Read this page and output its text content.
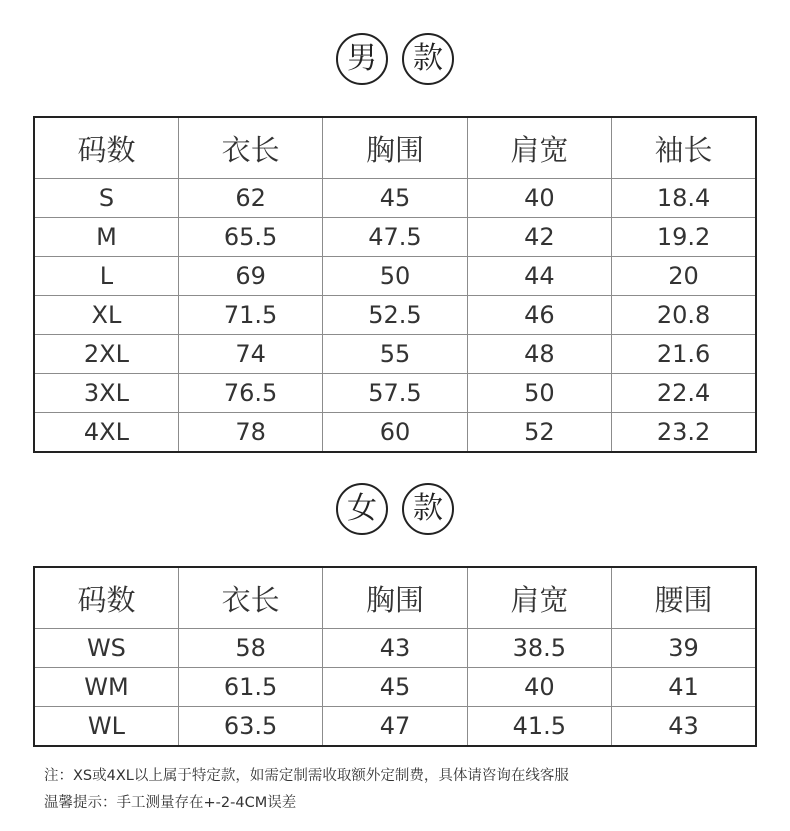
男	款
码数	衣长	胸围	肩宽	袖长
S	62	45	40	18.4
M	65.5	47.5	42	19.2
L	69	50	44	20
XL	71.5	52.5	46	20.8
2XL	74	55	48	21.6
3XL	76.5	57.5	50	22.4
4XL	78	60	52	23.2
女	款
码数	衣长	胸围	肩宽	腰围
WS	58	43	38.5	39
WM	61.5	45	40	41
WL	63.5	47	41.5	43
注：XS或4XL以上属于特定款，如需定制需收取额外定制费，具体请咨询在线客服
温馨提示：手工测量存在+-2-4CM误差
